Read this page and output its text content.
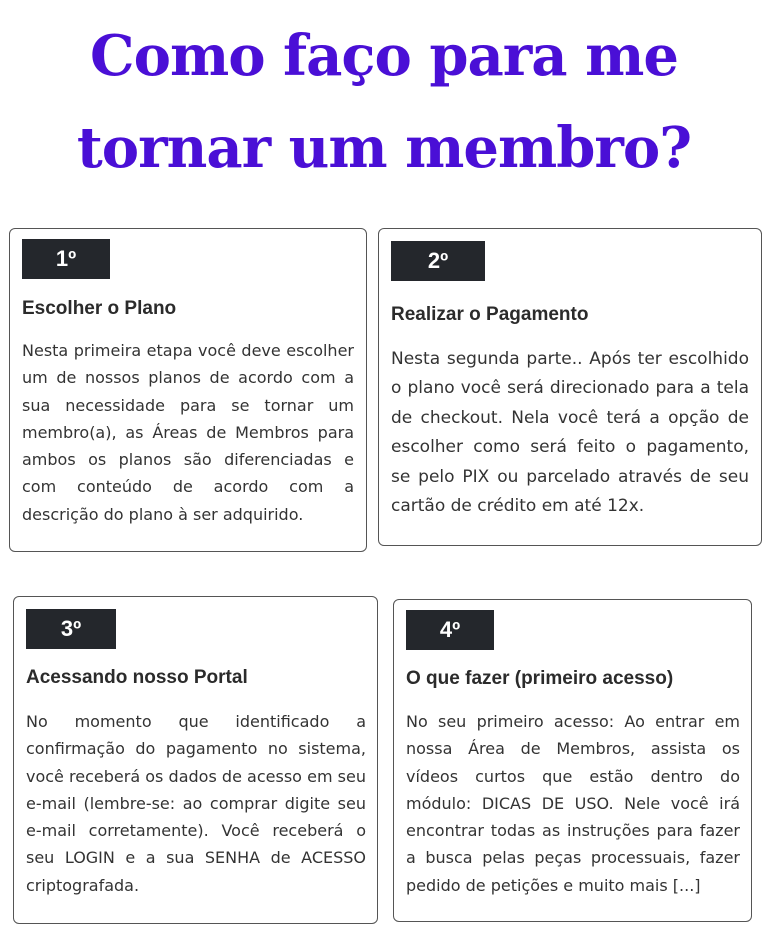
Como faço para me tornar um membro?
1º
Escolher o Plano
Nesta primeira etapa você deve escolher um de nossos planos de acordo com a sua necessidade para se tornar um membro(a), as Áreas de Membros para ambos os planos são diferenciadas e com conteúdo de acordo com a descrição do plano à ser adquirido.
2º
Realizar o Pagamento
Nesta segunda parte.. Após ter escolhido o plano você será direcionado para a tela de checkout. Nela você terá a opção de escolher como será feito o pagamento, se pelo PIX ou parcelado através de seu cartão de crédito em até 12x.
3º
Acessando nosso Portal
No momento que identificado a confirmação do pagamento no sistema, você receberá os dados de acesso em seu e-mail (lembre-se: ao comprar digite seu e-mail corretamente). Você receberá o seu LOGIN e a sua SENHA de ACESSO criptografada.
4º
O que fazer (primeiro acesso)
No seu primeiro acesso: Ao entrar em nossa Área de Membros, assista os vídeos curtos que estão dentro do módulo: DICAS DE USO. Nele você irá encontrar todas as instruções para fazer a busca pelas peças processuais, fazer pedido de petições e muito mais [...]
